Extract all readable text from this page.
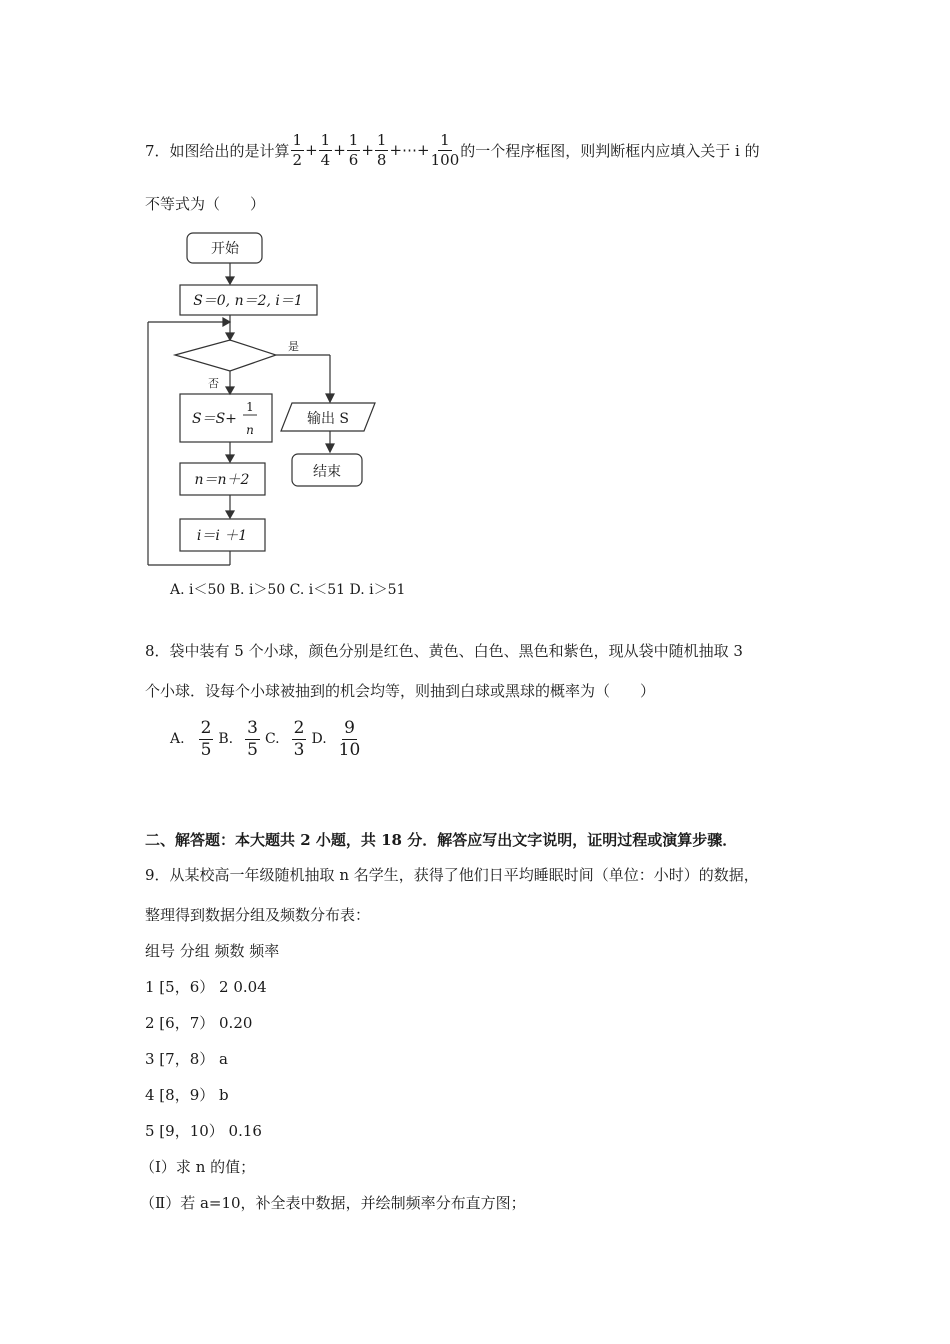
7．如图给出的是计算 $\frac{1}{2} + \frac{1}{4} + \frac{1}{6} + \frac{1}{8}$ +⋯+ $\frac{1}{100}$ 的一个程序框图，则判断框内应填入关于 i 的
不等式为（　　）
开始
S＝0, n＝2, i＝1
是
否
S＝S+
1
n
输出 S
结束
n＝n＋2
i＝i ＋1
A. i＜50 B. i＞50 C. i＜51 D. i＞51
8．袋中装有 5 个小球，颜色分别是红色、黄色、白色、黑色和紫色，现从袋中随机抽取 3
个小球．设每个小球被抽到的机会均等，则抽到白球或黑球的概率为（　　）
A. $\frac{2}{5} B$. $\frac{3}{5} C$. $\frac{2}{3} D$. $\frac{9}{10}$
二、解答题：本大题共 2 小题，共 18 分．解答应写出文字说明，证明过程或演算步骤．
9．从某校高一年级随机抽取 n 名学生，获得了他们日平均睡眠时间（单位：小时）的数据，
整理得到数据分组及频数分布表：
组号 分组 频数 频率
1 [5，6） 2 0.04
2 [6，7） 0.20
3 [7，8） a
4 [8，9） b
5 [9，10） 0.16
（I）求 n 的值；
（Ⅱ）若 a=10，补全表中数据，并绘制频率分布直方图；
